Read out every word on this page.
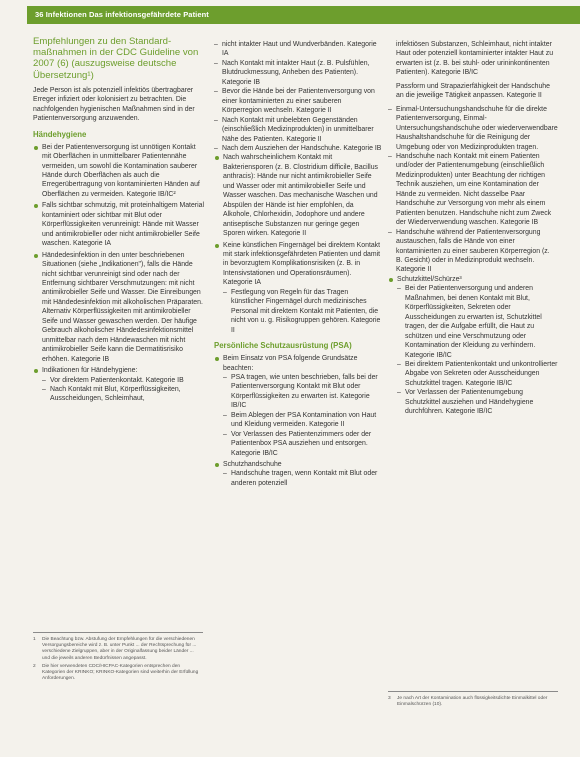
36 Infektionen Das infektionsgefährdete Patient
Empfehlungen zu den Standard-maßnahmen in der CDC Guideline von 2007 (6) (auszugsweise deutsche Übersetzung¹)

Jede Person ist als potenziell infektiös übertragbarer Erreger infiziert oder kolonisiert zu betrachten. Die nachfolgenden hygienischen Maßnahmen sind in der Patientenversorgung anzuwenden.

Händehygiene
Bei der Patientenversorgung ist unnötigen Kontakt mit Oberflächen in unmittelbarer Patientennähe vermeiden, um sowohl die Kontamination sauberer Hände durch Oberflächen als auch die Erregerübertragung von kontaminierten Händen auf Oberflächen zu vermeiden. Kategorie IB/IC²
Falls sichtbar schmutzig, mit proteinhaltigem Material kontaminiert oder sichtbar mit Blut oder Körperflüssigkeiten verunreinigt: Hände mit Wasser und antimikrobieller oder nicht antimikrobieller Seife waschen. Kategorie IA
Händedesinfektion in den unter beschriebenen Situationen (siehe „Indikationen"), falls die Hände nicht sichtbar verunreinigt sind oder nach der Entfernung sichtbarer Verschmutzungen: mit nicht antimikrobieller Seife und Wasser. Die Einreibungen mit Händedesinfektion mit alkoholischen Präparaten. Alternativ Körperflüssigkeiten mit antimikrobieller Seife und Wasser gewaschen werden. Der häufige Gebrauch alkoholischer Händedesinfektionsmittel unmittelbar nach dem Händewaschen mit nicht antimikrobieller Seife kann die Dermatitisrisiko erhöhen. Kategorie IB
Indikationen für Händehygiene:
– Vor direktem Patientenkontakt. Kategorie IB
– Nach Kontakt mit Blut, Körperflüssigkeiten, Ausscheidungen, Schleimhaut,
1	Die Beachtung bzw. Abstufung der Empfehlungen für die verschiedenen Versorgungsbereiche wird z. B. unter Punkt ... der Rechtsprechung für ... verschiedene Zielgruppen, aber in der Originalfassung beider Länder ... und die jeweils anderen Bedürfnissen angepasst.
2	Die hier verwendeten CDC/HICPAC-Kategorien entsprechen den Kategorien der KRINKO; KRINKO-Kategorien sind weiterhin der Erfüllung Anforderungen.
– nicht intakter Haut und Wundverbänden. Kategorie IA
– Nach Kontakt mit intakter Haut (z. B. Pulsfühlen, Blutdruckmessung, Anheben des Patienten). Kategorie IB
– Bevor die Hände bei der Patientenversorgung von einer kontaminierten zu einer sauberen Körperregion wechseln. Kategorie II
– Nach Kontakt mit unbelebten Gegenständen (einschließlich Medizinprodukten) in unmittelbarer Nähe des Patienten. Kategorie II
– Nach dem Ausziehen der Handschuhe. Kategorie IB
Nach wahrscheinlichem Kontakt mit Bakteriensporen (z. B. Clostridium difficile, Bacillus anthracis): Hände nur nicht antimikrobieller Seife und Wasser oder mit antimikrobieller Seife und Wasser waschen. Das mechanische Waschen und Abspülen der Hände ist hier empfohlen, da Alkohole, Chlorhexidin, Jodophore und andere antiseptische Substanzen nur geringe gegen Sporen wirken. Kategorie II
Keine künstlichen Fingernägel bei direktem Kontakt mit stark infektionsgefährdeten Patienten und damit in bevorzugtem Komplikationsrisiken (z. B. in Intensivstationen und Operationsräumen). Kategorie IA
– Festlegung von Regeln für das Tragen künstlicher Fingernägel durch medizinisches Personal mit direktem Kontakt mit Patienten, die nicht von u. g. Risikogruppen gehören. Kategorie II
Persönliche Schutzausrüstung (PSA)
Beim Einsatz von PSA folgende Grundsätze beachten:
– PSA tragen, wie unten beschrieben, falls bei der Patientenversorgung Kontakt mit Blut oder Körperflüssigkeiten zu erwarten ist. Kategorie IB/IC
– Beim Ablegen der PSA Kontamination von Haut und Kleidung vermeiden. Kategorie II
– Vor Verlassen des Patientenzimmers oder der Patientenbox PSA ausziehen und entsorgen. Kategorie IB/IC
Schutzhandschuhe
– Handschuhe tragen, wenn Kontakt mit Blut oder anderen potenziell

infektiösen Substanzen, Schleimhaut, nicht intakter Haut oder potenziell kontaminierter intakter Haut zu erwarten ist (z. B. bei stuhl- oder urininkontinenten Patienten). Kategorie IB/IC

Passform und Strapazierfähigkeit der Handschuhe an die jeweilige Tätigkeit anpassen. Kategorie II

– Einmal-Untersuchungshandschuhe für die direkte Patientenversorgung, Einmal-Untersuchungshandschuhe oder wiederverwendbare Haushaltshandschuhe für die Reinigung der Umgebung oder von Medizinprodukten tragen.
– Handschuhe nach Kontakt mit einem Patienten und/oder der Patientenumgebung (einschließlich Medizinprodukten) unter Beachtung der richtigen Technik ausziehen, um eine Kontamination der Hände zu vermeiden. Nicht dasselbe Paar Handschuhe zur Versorgung von mehr als einem Patienten benutzen. Handschuhe nicht zum Zweck der Wiederverwendung waschen. Kategorie IB
– Handschuhe während der Patientenversorgung austauschen, falls die Hände von einer kontaminierten zu einer sauberen Körperregion (z. B. Gesicht) oder in Medizinprodukt wechseln. Kategorie II
Schutzkittel/Schürze³
– Bei der Patientenversorgung und anderen Maßnahmen, bei denen Kontakt mit Blut, Körperflüssigkeiten, Sekreten oder Ausscheidungen zu erwarten ist, Schutzkittel tragen, der die Aufgabe erfüllt, die Haut zu schützen und eine Verschmutzung oder Kontamination der Kleidung zu verhindern. Kategorie IB/IC
– Bei direktem Patientenkontakt und unkontrollierter Abgabe von Sekreten oder Ausscheidungen Schutzkittel tragen. Kategorie IB/IC
– Vor Verlassen der Patientenumgebung Schutzkittel ausziehen und Händehygiene durchführen. Kategorie IB/IC
3	Je nach Art der Kontamination auch flüssigkeitsdichte Einmalkittel oder Einmalschürzen (10).
